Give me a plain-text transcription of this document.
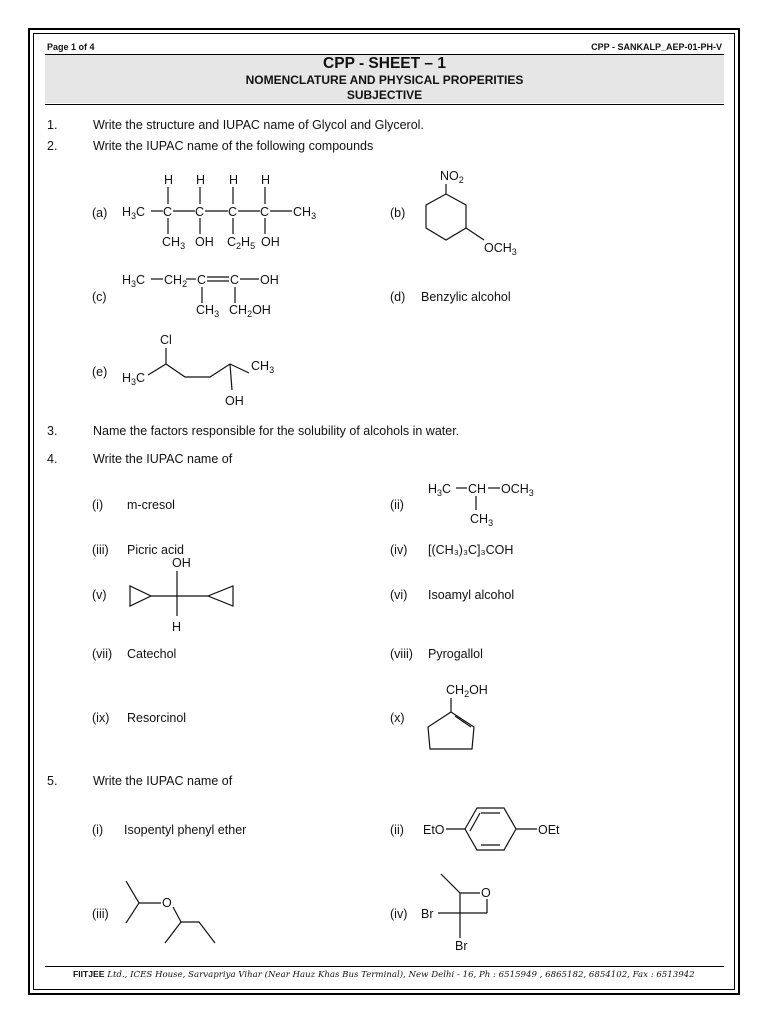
Page 1 of 4	CPP - SANKALP_AEP-01-PH-V
CPP - SHEET – 1
NOMENCLATURE AND PHYSICAL PROPERITIES
SUBJECTIVE
1.	Write the structure and IUPAC name of Glycol and Glycerol.
2.	Write the IUPAC name of the following compounds
(a) $H_3C$ C C C C $CH_3$
H H H H
$CH_3$ OH $C_2H_5$ OH
(b)
$NO_2$
$OCH_3$
(c)
$H_3C$ $CH_2$ C C OH
$CH_3$ $CH_2OH$
(d) Benzylic alcohol
(e)
Cl
$H_3C$
$CH_3$
OH
3.	Name the factors responsible for the solubility of alcohols in water.
4.	Write the IUPAC name of
(i) m-cresol	(ii)
$H_3C$ CH $OCH_3$
$CH_3$
(iii) Picric acid	(iv) [(CH₃)₃C]₃COH
(v)
OH
H
(vi) Isoamyl alcohol
(vii) Catechol	(viii) Pyrogallol
(ix) Resorcinol	(x)
$CH_2OH$
5.	Write the IUPAC name of
(i) Isopentyl phenyl ether	(ii) EtO	OEt
(iii)
O
(iv)
O
Br
Br
FIITJEE Ltd., ICES House, Sarvapriya Vihar (Near Hauz Khas Bus Terminal), New Delhi - 16, Ph : 6515949 , 6865182, 6854102, Fax : 6513942
